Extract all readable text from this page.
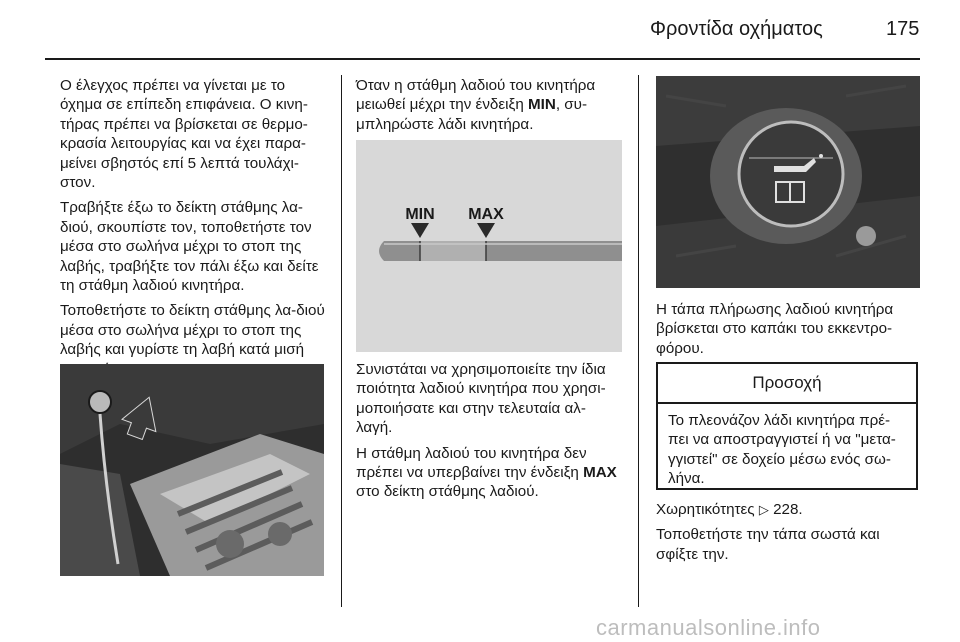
Φροντίδα οχήματος	175

Ο έλεγχος πρέπει να γίνεται με το όχημα σε επίπεδη επιφάνεια. Ο κινη-τήρας πρέπει να βρίσκεται σε θερμο-κρασία λειτουργίας και να έχει παρα-μείνει σβηστός επί 5 λεπτά τουλάχι-στον.

Τραβήξτε έξω το δείκτη στάθμης λα-διού, σκουπίστε τον, τοποθετήστε τον μέσα στο σωλήνα μέχρι το στοπ της λαβής, τραβήξτε τον πάλι έξω και δείτε τη στάθμη λαδιού κινητήρα.

Τοποθετήστε το δείκτη στάθμης λα-διού μέσα στο σωλήνα μέχρι το στοπ της λαβής και γυρίστε τη λαβή κατά μισή

Όταν η στάθμη λαδιού του κινητήρα μειωθεί μέχρι την ένδειξη MIN, συ-μπληρώστε λάδι κινητήρα.

MIN MAX

Συνιστάται να χρησιμοποιείτε την ίδια ποιότητα λαδιού κινητήρα που χρησι-μοποιήσατε και στην τελευταία αλ-λαγή.

Η στάθμη λαδιού του κινητήρα δεν πρέπει να υπερβαίνει την ένδειξη MAX στο δείκτη στάθμης λαδιού.

Η τάπα πλήρωσης λαδιού κινητήρα βρίσκεται στο καπάκι του εκκεντρο-φόρου.

Προσοχή
Το πλεονάζον λάδι κινητήρα πρέ-πει να αποστραγγιστεί ή να "μετα-γγιστεί" σε δοχείο μέσω ενός σω-λήνα.

Χωρητικότητες ▷ 228.

Τοποθετήστε την τάπα σωστά και σφίξτε την.

carmanualsonline.info
